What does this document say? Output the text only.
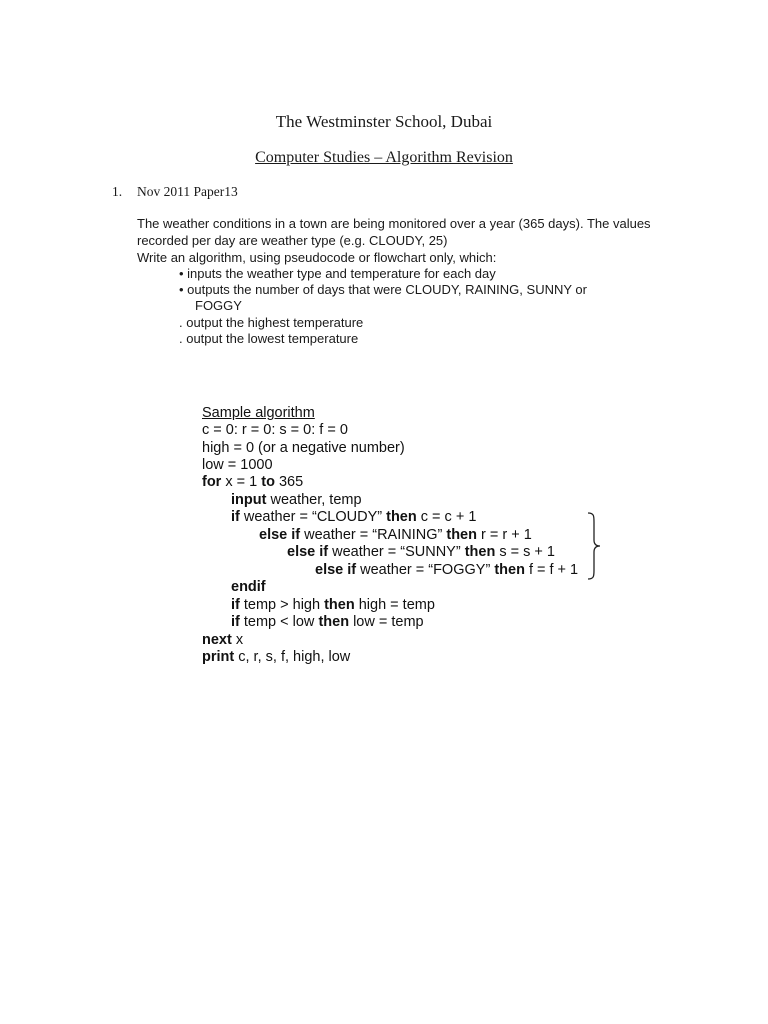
The Westminster School, Dubai
Computer Studies – Algorithm Revision
1. Nov 2011 Paper13
The weather conditions in a town are being monitored over a year (365 days). The values
recorded per day are weather type (e.g. CLOUDY, 25)
Write an algorithm, using pseudocode or flowchart only, which:
• inputs the weather type and temperature for each day
• outputs the number of days that were CLOUDY, RAINING, SUNNY or
FOGGY
. output the highest temperature
. output the lowest temperature
Sample algorithm
c = 0: r = 0: s = 0: f = 0
high = 0 (or a negative number)
low = 1000
for x = 1 to 365
input weather, temp
if weather = “CLOUDY” then c = c + 1
else if weather = “RAINING” then r = r + 1
else if weather = “SUNNY” then s = s + 1
else if weather = “FOGGY” then f = f + 1
endif
if temp > high then high = temp
if temp < low then low = temp
next x
print c, r, s, f, high, low
